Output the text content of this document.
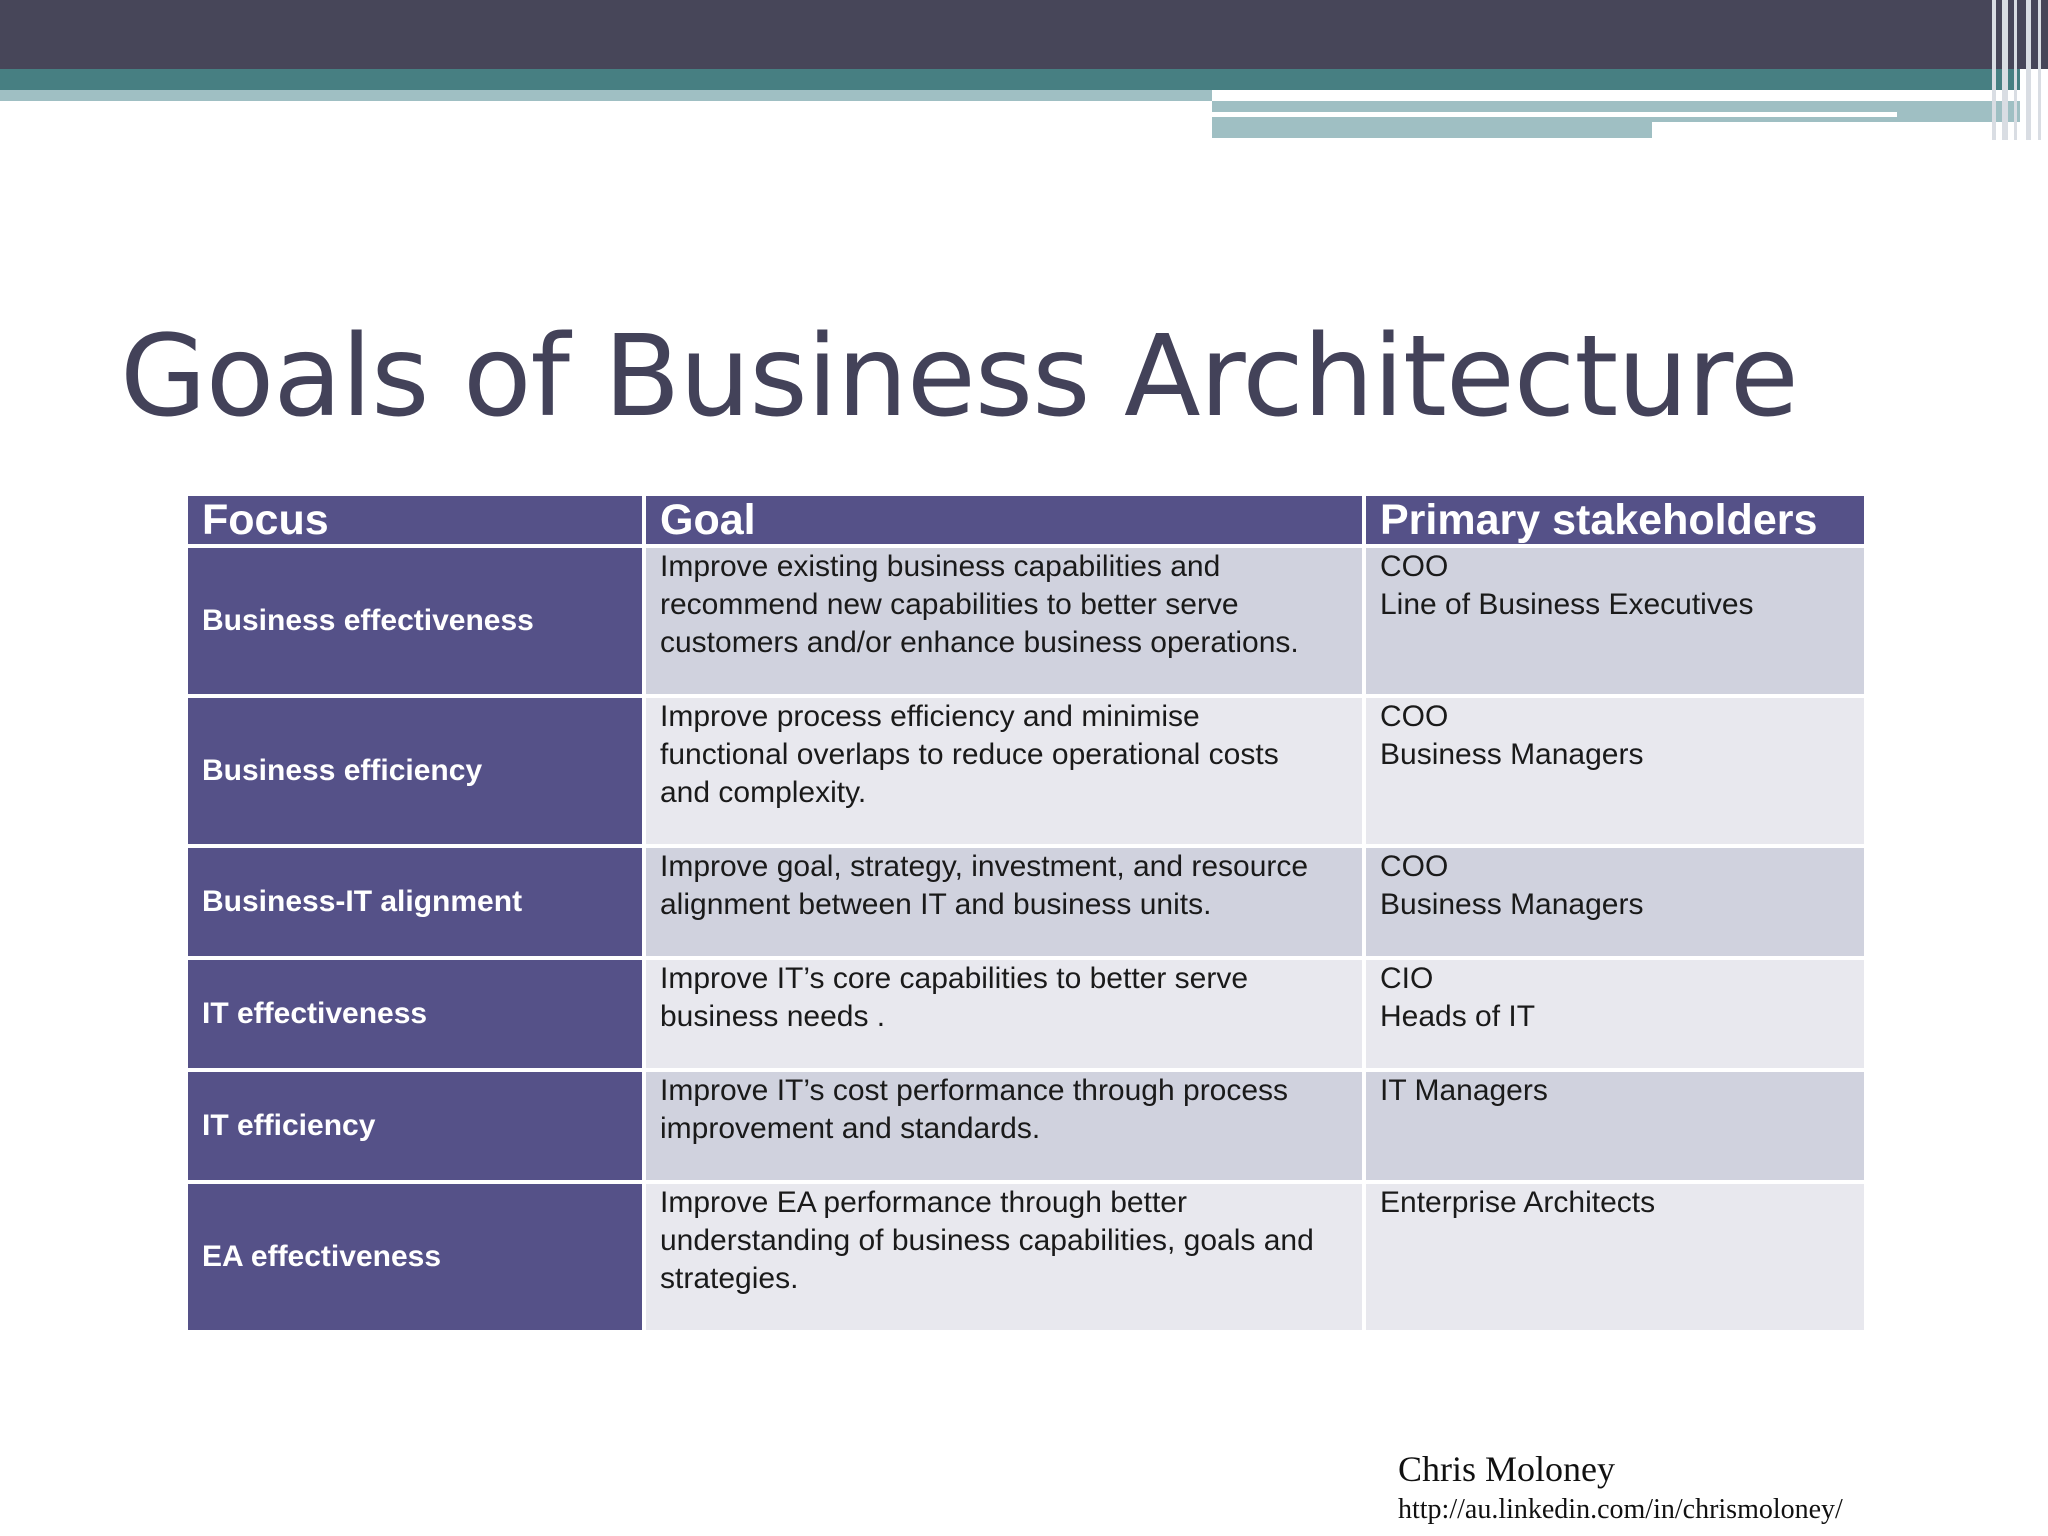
Goals of Business Architecture
Focus	Goal	Primary stakeholders
Business effectiveness	Improve existing business capabilities and
recommend new capabilities to better serve
customers and/or enhance business operations.	COO
Line of Business Executives

Business efficiency	Improve process efficiency and minimise
functional overlaps to reduce operational costs
and complexity.	COO
Business Managers

Business-IT alignment	Improve goal, strategy, investment, and resource
alignment between IT and business units.	COO
Business Managers

IT effectiveness	Improve IT’s core capabilities to better serve
business needs .	CIO
Heads of IT

IT efficiency	Improve IT’s cost performance through process
improvement and standards.	IT Managers

EA effectiveness	Improve EA performance through better
understanding of business capabilities, goals and
strategies.	Enterprise Architects
Chris Moloney
http://au.linkedin.com/in/chrismoloney/
